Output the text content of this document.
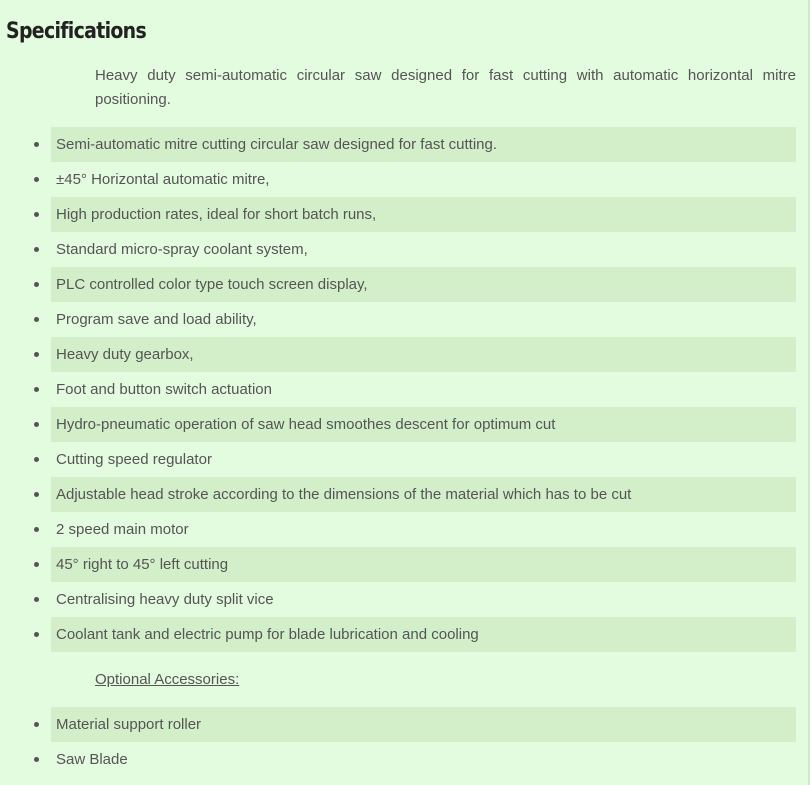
Specifications

Heavy duty semi-automatic circular saw designed for fast cutting with automatic horizontal mitre positioning.

Semi-automatic mitre cutting circular saw designed for fast cutting.
±45° Horizontal automatic mitre,
High production rates, ideal for short batch runs,
Standard micro-spray coolant system,
PLC controlled color type touch screen display,
Program save and load ability,
Heavy duty gearbox,
Foot and button switch actuation
Hydro-pneumatic operation of saw head smoothes descent for optimum cut
Cutting speed regulator
Adjustable head stroke according to the dimensions of the material which has to be cut
2 speed main motor
45° right to 45° left cutting
Centralising heavy duty split vice
Coolant tank and electric pump for blade lubrication and cooling

Optional Accessories:

Material support roller
Saw Blade
